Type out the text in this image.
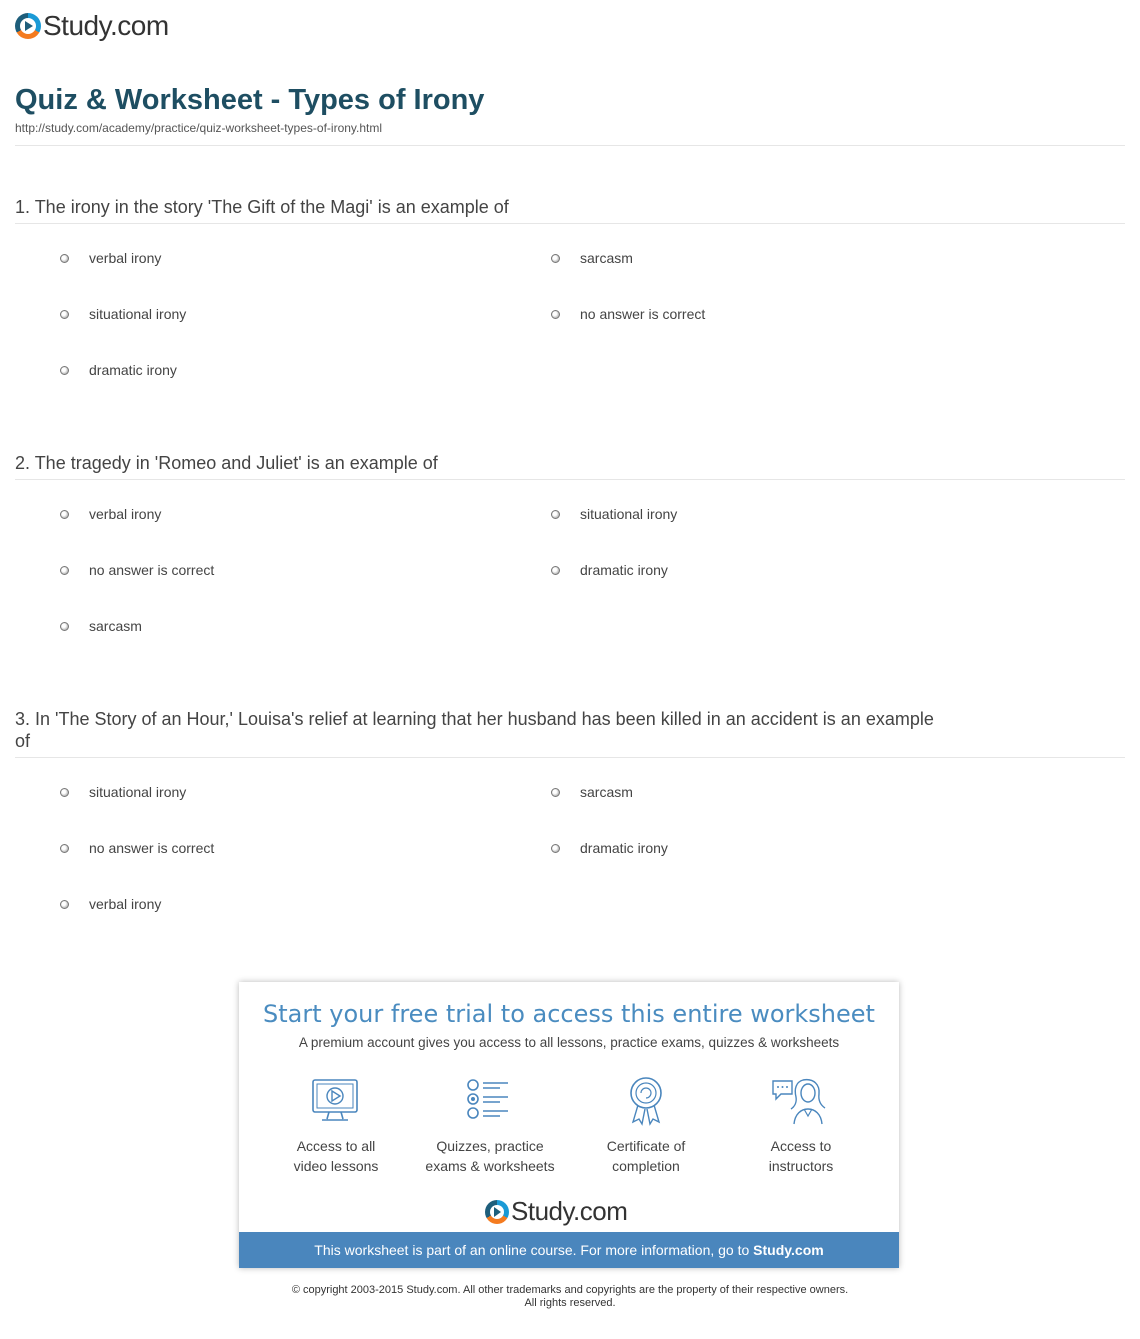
Study.com
Quiz & Worksheet - Types of Irony
http://study.com/academy/practice/quiz-worksheet-types-of-irony.html
1. The irony in the story 'The Gift of the Magi' is an example of
verbal irony	sarcasm
situational irony	no answer is correct
dramatic irony
2. The tragedy in 'Romeo and Juliet' is an example of
verbal irony	situational irony
no answer is correct	dramatic irony
sarcasm
3. In 'The Story of an Hour,' Louisa's relief at learning that her husband has been killed in an accident is an example of
situational irony	sarcasm
no answer is correct	dramatic irony
verbal irony
Start your free trial to access this entire worksheet
A premium account gives you access to all lessons, practice exams, quizzes & worksheets
Access to all
video lessons
Quizzes, practice
exams & worksheets
Certificate of
completion
Access to
instructors
Study.com
This worksheet is part of an online course. For more information, go to Study.com
© copyright 2003-2015 Study.com. All other trademarks and copyrights are the property of their respective owners.
All rights reserved.
